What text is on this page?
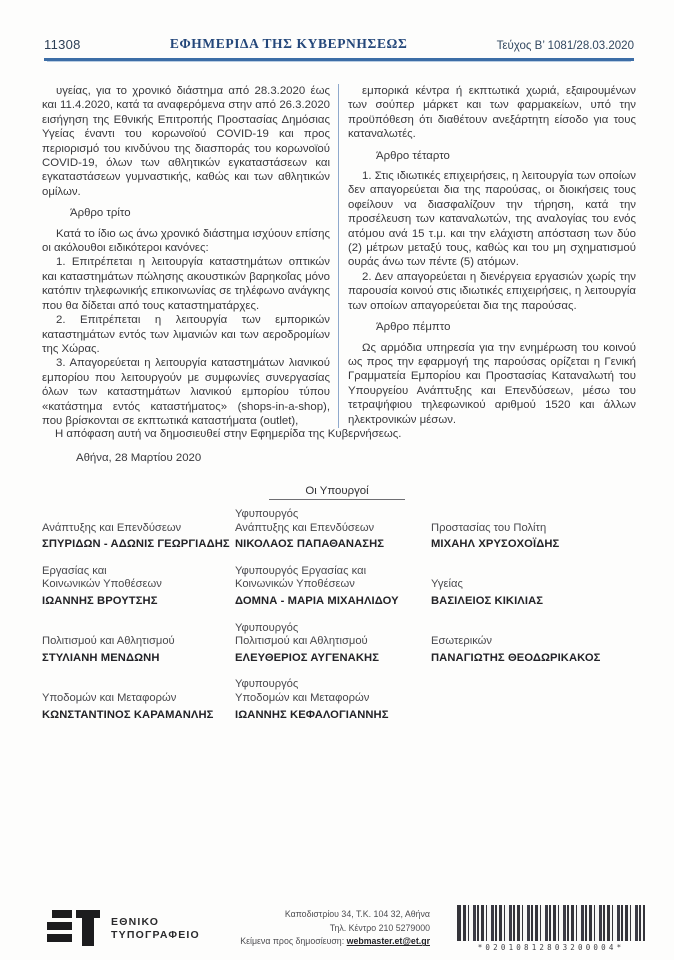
11308	ΕΦΗΜΕΡΙΔΑ ΤΗΣ ΚΥΒΕΡΝΗΣΕΩΣ	Τεύχος Β’ 1081/28.03.2020

υγείας, για το χρονικό διάστημα από 28.3.2020 έως και 11.4.2020, κατά τα αναφερόμενα στην από 26.3.2020 εισήγηση της Εθνικής Επιτροπής Προστασίας Δημόσιας Υγείας έναντι του κορωνοϊού COVID-19 και προς περιορισμό του κινδύνου της διασποράς του κορωνοϊού COVID-19, όλων των αθλητικών εγκαταστάσεων και εγκαταστάσεων γυμναστικής, καθώς και των αθλητικών ομίλων.

Άρθρο τρίτο

Κατά το ίδιο ως άνω χρονικό διάστημα ισχύουν επίσης οι ακόλουθοι ειδικότεροι κανόνες:

1. Επιτρέπεται η λειτουργία καταστημάτων οπτικών και καταστημάτων πώλησης ακουστικών βαρηκοΐας μόνο κατόπιν τηλεφωνικής επικοινωνίας σε τηλέφωνο ανάγκης που θα δίδεται από τους καταστηματάρχες.

2. Επιτρέπεται η λειτουργία των εμπορικών καταστημάτων εντός των λιμανιών και των αεροδρομίων της Χώρας.

3. Απαγορεύεται η λειτουργία καταστημάτων λιανικού εμπορίου που λειτουργούν με συμφωνίες συνεργασίας όλων των καταστημάτων λιανικού εμπορίου τύπου «κατάστημα εντός καταστήματος» (shops-in-a-shop), που βρίσκονται σε εκπτωτικά καταστήματα (outlet),

εμπορικά κέντρα ή εκπτωτικά χωριά, εξαιρουμένων των σούπερ μάρκετ και των φαρμακείων, υπό την προϋπόθεση ότι διαθέτουν ανεξάρτητη είσοδο για τους καταναλωτές.

Άρθρο τέταρτο

1. Στις ιδιωτικές επιχειρήσεις, η λειτουργία των οποίων δεν απαγορεύεται δια της παρούσας, οι διοικήσεις τους οφείλουν να διασφαλίζουν την τήρηση, κατά την προσέλευση των καταναλωτών, της αναλογίας του ενός ατόμου ανά 15 τ.μ. και την ελάχιστη απόσταση των δύο (2) μέτρων μεταξύ τους, καθώς και του μη σχηματισμού ουράς άνω των πέντε (5) ατόμων.

2. Δεν απαγορεύεται η διενέργεια εργασιών χωρίς την παρουσία κοινού στις ιδιωτικές επιχειρήσεις, η λειτουργία των οποίων απαγορεύεται δια της παρούσας.

Άρθρο πέμπτο

Ως αρμόδια υπηρεσία για την ενημέρωση του κοινού ως προς την εφαρμογή της παρούσας ορίζεται η Γενική Γραμματεία Εμπορίου και Προστασίας Καταναλωτή του Υπουργείου Ανάπτυξης και Επενδύσεων, μέσω του τετραψήφιου τηλεφωνικού αριθμού 1520 και άλλων ηλεκτρονικών μέσων.

Η απόφαση αυτή να δημοσιευθεί στην Εφημερίδα της Κυβερνήσεως.
Αθήνα, 28 Μαρτίου 2020
Οι Υπουργοί
Ανάπτυξης και Επενδύσεων
ΣΠΥΡΙΔΩΝ - ΑΔΩΝΙΣ ΓΕΩΡΓΙΑΔΗΣ
Υφυπουργός
Ανάπτυξης και Επενδύσεων
ΝΙΚΟΛΑΟΣ ΠΑΠΑΘΑΝΑΣΗΣ
Προστασίας του Πολίτη
ΜΙΧΑΗΛ ΧΡΥΣΟΧΟΪΔΗΣ
Εργασίας και
Κοινωνικών Υποθέσεων
ΙΩΑΝΝΗΣ ΒΡΟΥΤΣΗΣ
Υφυπουργός Εργασίας και
Κοινωνικών Υποθέσεων
ΔΟΜΝΑ - ΜΑΡΙΑ ΜΙΧΑΗΛΙΔΟΥ
Υγείας
ΒΑΣΙΛΕΙΟΣ ΚΙΚΙΛΙΑΣ
Πολιτισμού και Αθλητισμού
ΣΤΥΛΙΑΝΗ ΜΕΝΔΩΝΗ
Υφυπουργός
Πολιτισμού και Αθλητισμού
ΕΛΕΥΘΕΡΙΟΣ ΑΥΓΕΝΑΚΗΣ
Εσωτερικών
ΠΑΝΑΓΙΩΤΗΣ ΘΕΟΔΩΡΙΚΑΚΟΣ
Υποδομών και Μεταφορών
ΚΩΝΣΤΑΝΤΙΝΟΣ ΚΑΡΑΜΑΝΛΗΣ
Υφυπουργός
Υποδομών και Μεταφορών
ΙΩΑΝΝΗΣ ΚΕΦΑΛΟΓΙΑΝΝΗΣ
ΕΘΝΙΚΟ
ΤΥΠΟΓΡΑΦΕΙΟ
Καποδιστρίου 34, Τ.Κ. 104 32, Αθήνα
Τηλ. Κέντρο 210 5279000
Κείμενα προς δημοσίευση: webmaster.et@et.gr
*02010812803200004*
